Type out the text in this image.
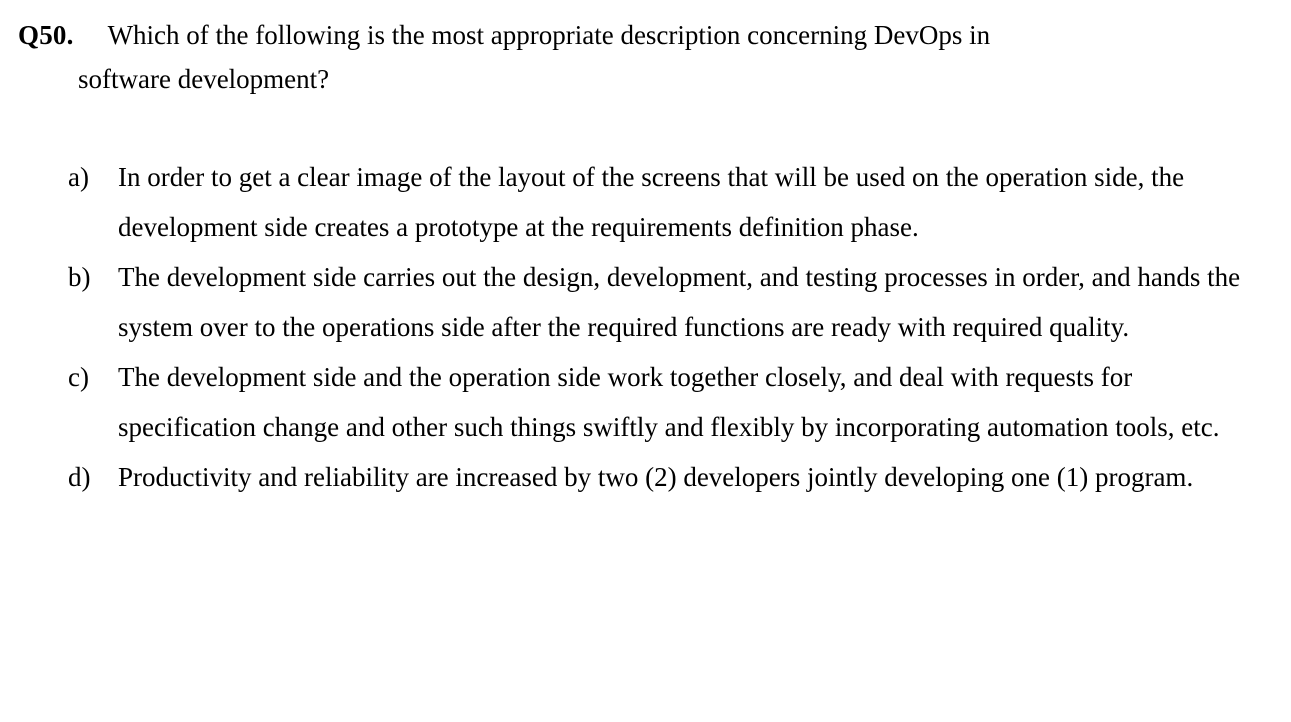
Q50. Which of the following is the most appropriate description concerning DevOps in
software development?
a)	In order to get a clear image of the layout of the screens that will be used on the operation side, the development side creates a prototype at the requirements definition phase.
b)	The development side carries out the design, development, and testing processes in order, and hands the system over to the operations side after the required functions are ready with required quality.
c)	The development side and the operation side work together closely, and deal with requests for specification change and other such things swiftly and flexibly by incorporating automation tools, etc.
d)	Productivity and reliability are increased by two (2) developers jointly developing one (1) program.
